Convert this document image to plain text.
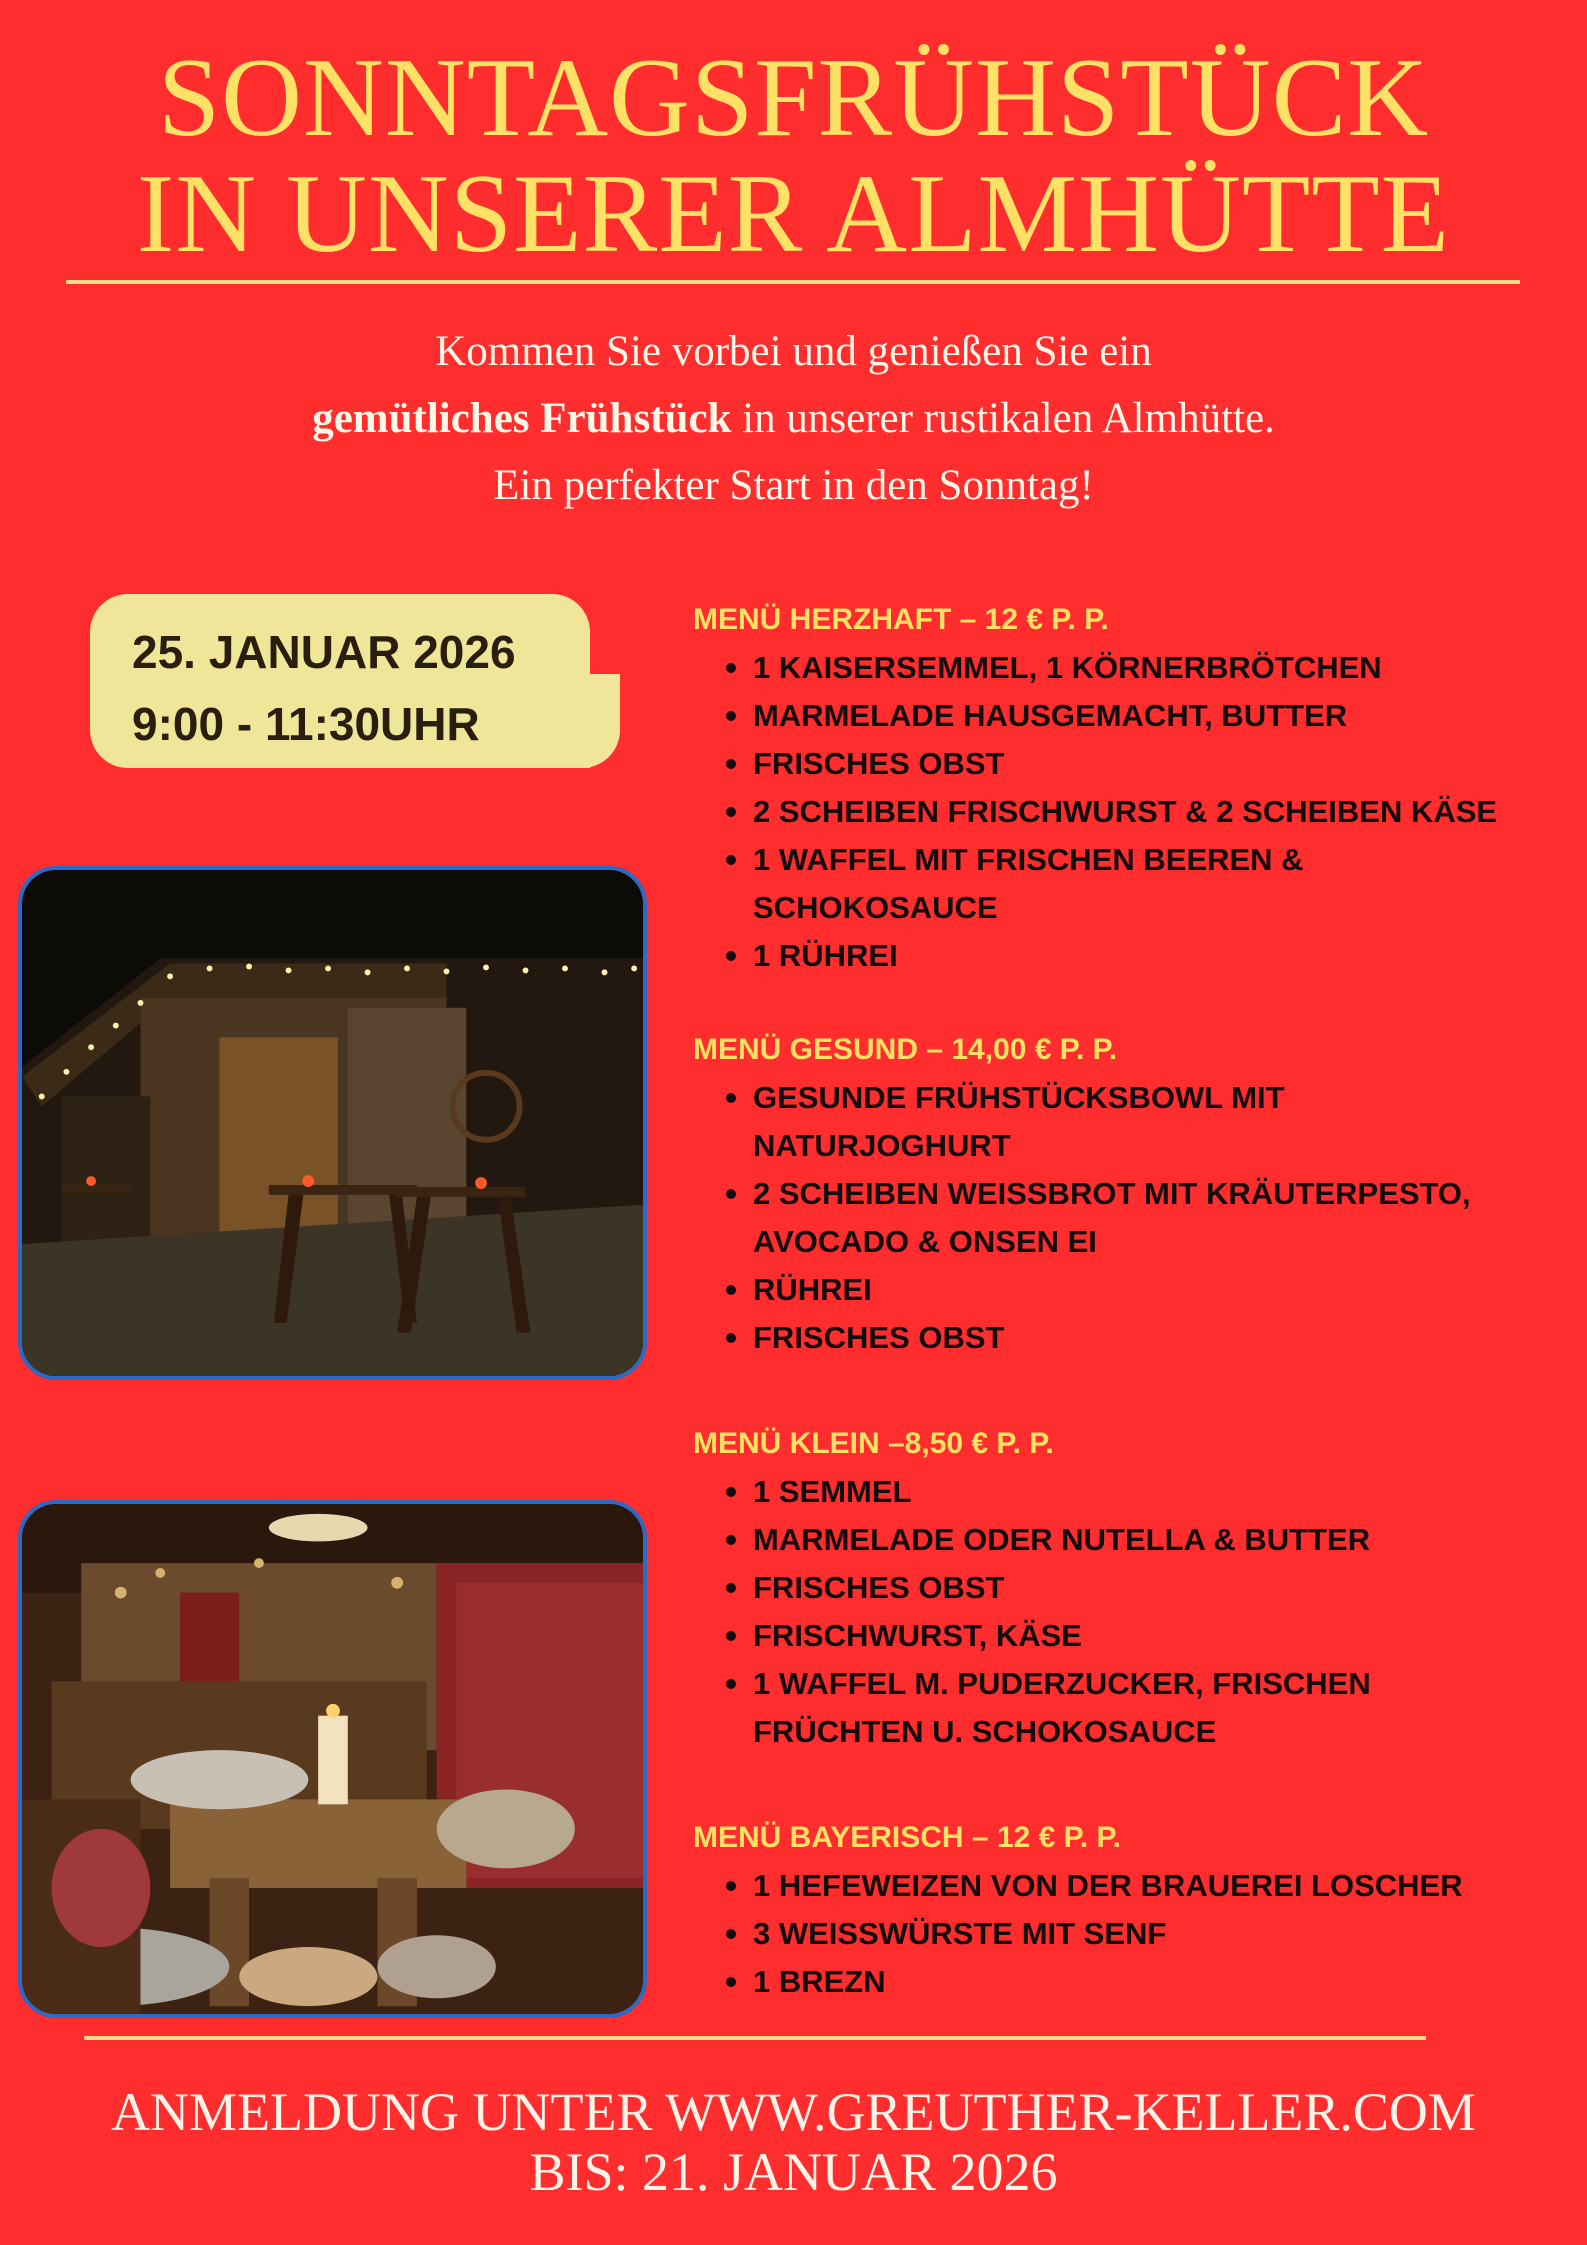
SONNTAGSFRÜHSTÜCK
IN UNSERER ALMHÜTTE
Kommen Sie vorbei und genießen Sie ein
gemütliches Frühstück in unserer rustikalen Almhütte.
Ein perfekter Start in den Sonntag!
25. JANUAR 2026
9:00 - 11:30UHR

MENÜ HERZHAFT – 12 € P. P.

1 KAISERSEMMEL, 1 KÖRNERBRÖTCHEN
MARMELADE HAUSGEMACHT, BUTTER
FRISCHES OBST
2 SCHEIBEN FRISCHWURST & 2 SCHEIBEN KÄSE
1 WAFFEL MIT FRISCHEN BEEREN & SCHOKOSAUCE
1 RÜHREI

MENÜ GESUND – 14,00 € P. P.

GESUNDE FRÜHSTÜCKSBOWL MIT NATURJOGHURT
2 SCHEIBEN WEISSBROT MIT KRÄUTERPESTO, AVOCADO & ONSEN EI
RÜHREI
FRISCHES OBST

MENÜ KLEIN –8,50 € P. P.

1 SEMMEL
MARMELADE ODER NUTELLA & BUTTER
FRISCHES OBST
FRISCHWURST, KÄSE
1 WAFFEL M. PUDERZUCKER, FRISCHEN FRÜCHTEN U. SCHOKOSAUCE

MENÜ BAYERISCH – 12 € P. P.

1 HEFEWEIZEN VON DER BRAUEREI LOSCHER
3 WEISSWÜRSTE MIT SENF
1 BREZN
ANMELDUNG UNTER WWW.GREUTHER-KELLER.COM
BIS: 21. JANUAR 2026
